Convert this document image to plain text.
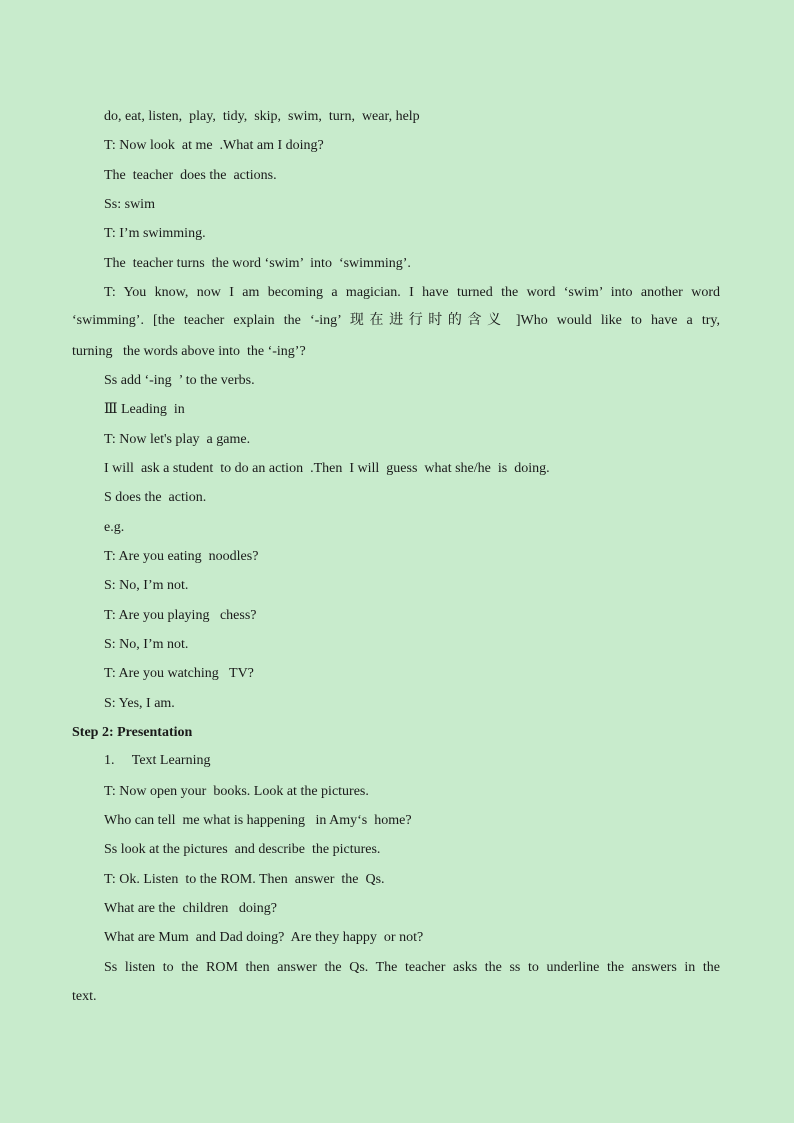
do, eat, listen,  play,  tidy,  skip,  swim,  turn,  wear, help
T: Now look  at me  .What am I doing?
The  teacher  does the  actions.
Ss: swim
T: I’m swimming.
The  teacher turns  the word ‘swim’  into  ‘swimming’.
T: You know, now I am becoming a magician. I have turned the word ‘swim’ into another word
‘swimming’. [the teacher explain the ‘-ing’ 现在进行时的含义 ]Who would like to have a try,
turning   the words above into  the ‘-ing’?
Ss add ‘-ing  ’ to the verbs.
Ⅲ Leading  in
T: Now let's play  a game.
I will  ask a student  to do an action  .Then  I will  guess  what she/he  is  doing.
S does the  action.
e.g.
T: Are you eating  noodles?
S: No, I’m not.
T: Are you playing   chess?
S: No, I’m not.
T: Are you watching   TV?
S: Yes, I am.
Step 2: Presentation
1.     Text Learning
T: Now open your  books. Look at the pictures.
Who can tell  me what is happening   in Amy‘s  home?
Ss look at the pictures  and describe  the pictures.
T: Ok. Listen  to the ROM. Then  answer  the  Qs.
What are the  children   doing?
What are Mum  and Dad doing?  Are they happy  or not?
Ss listen to the ROM then answer the Qs. The teacher asks the ss to underline the answers in the
text.
